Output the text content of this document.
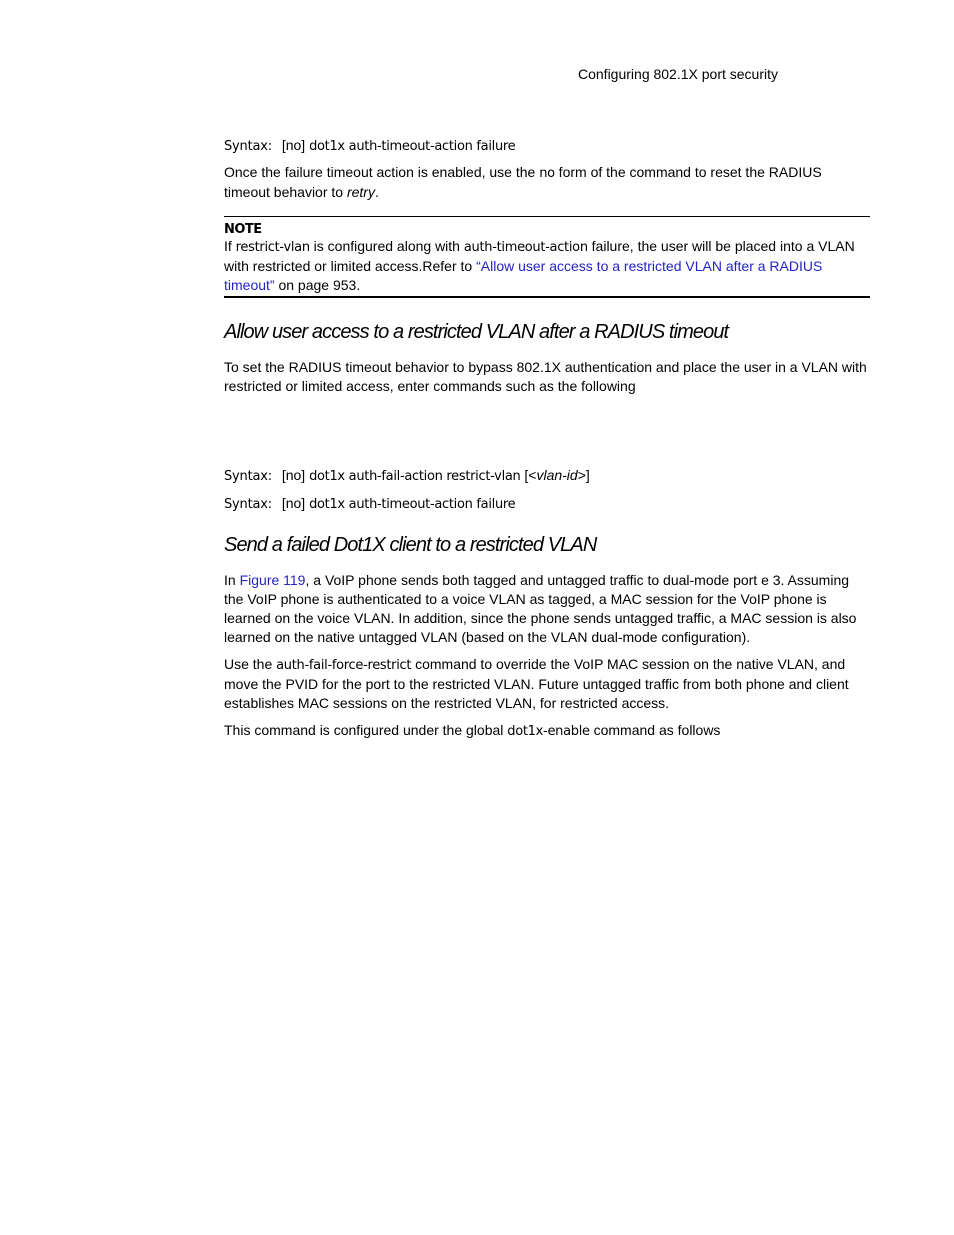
Configuring 802.1X port security
Syntax: [no] dot1x auth-timeout-action failure

Once the failure timeout action is enabled, use the no form of the command to reset the RADIUS timeout behavior to retry.

NOTE

If restrict-vlan is configured along with auth-timeout-action failure, the user will be placed into a VLAN with restricted or limited access.Refer to “Allow user access to a restricted VLAN after a RADIUS timeout” on page 953.

Allow user access to a restricted VLAN after a RADIUS timeout

To set the RADIUS timeout behavior to bypass 802.1X authentication and place the user in a VLAN with restricted or limited access, enter commands such as the following

Syntax: [no] dot1x auth-fail-action restrict-vlan [<vlan-id>]
Syntax: [no] dot1x auth-timeout-action failure
Send a failed Dot1X client to a restricted VLAN

In Figure 119, a VoIP phone sends both tagged and untagged traffic to dual-mode port e 3. Assuming the VoIP phone is authenticated to a voice VLAN as tagged, a MAC session for the VoIP phone is learned on the voice VLAN. In addition, since the phone sends untagged traffic, a MAC session is also learned on the native untagged VLAN (based on the VLAN dual-mode configuration).

Use the auth-fail-force-restrict command to override the VoIP MAC session on the native VLAN, and move the PVID for the port to the restricted VLAN. Future untagged traffic from both phone and client establishes MAC sessions on the restricted VLAN, for restricted access.

This command is configured under the global dot1x-enable command as follows
